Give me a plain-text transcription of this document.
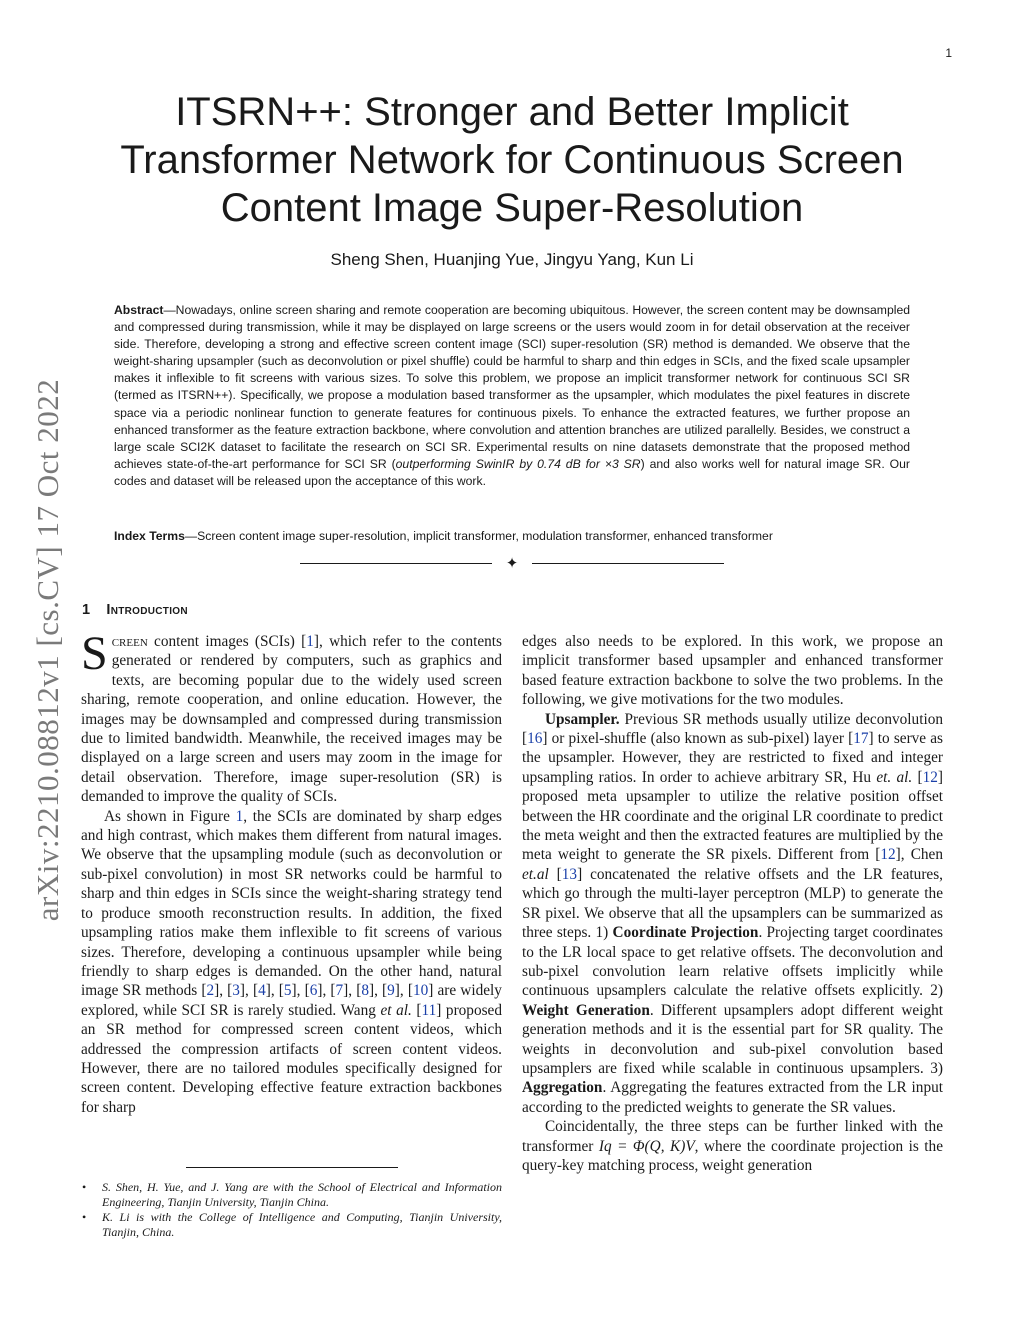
1
arXiv:2210.08812v1 [cs.CV] 17 Oct 2022
ITSRN++: Stronger and Better Implicit
Transformer Network for Continuous Screen
Content Image Super-Resolution
Sheng Shen, Huanjing Yue, Jingyu Yang, Kun Li
Abstract—Nowadays, online screen sharing and remote cooperation are becoming ubiquitous. However, the screen content may be downsampled and compressed during transmission, while it may be displayed on large screens or the users would zoom in for detail observation at the receiver side. Therefore, developing a strong and effective screen content image (SCI) super-resolution (SR) method is demanded. We observe that the weight-sharing upsampler (such as deconvolution or pixel shuffle) could be harmful to sharp and thin edges in SCIs, and the fixed scale upsampler makes it inflexible to fit screens with various sizes. To solve this problem, we propose an implicit transformer network for continuous SCI SR (termed as ITSRN++). Specifically, we propose a modulation based transformer as the upsampler, which modulates the pixel features in discrete space via a periodic nonlinear function to generate features for continuous pixels. To enhance the extracted features, we further propose an enhanced transformer as the feature extraction backbone, where convolution and attention branches are utilized parallelly. Besides, we construct a large scale SCI2K dataset to facilitate the research on SCI SR. Experimental results on nine datasets demonstrate that the proposed method achieves state-of-the-art performance for SCI SR (outperforming SwinIR by 0.74 dB for ×3 SR) and also works well for natural image SR. Our codes and dataset will be released upon the acceptance of this work.
Index Terms—Screen content image super-resolution, implicit transformer, modulation transformer, enhanced transformer
✦
1 Introduction

Screen content images (SCIs) [1], which refer to the contents generated or rendered by computers, such as graphics and texts, are becoming popular due to the widely used screen sharing, remote cooperation, and online education. However, the images may be downsampled and compressed during transmission due to limited bandwidth. Meanwhile, the received images may be displayed on a large screen and users may zoom in the image for detail observation. Therefore, image super-resolution (SR) is demanded to improve the quality of SCIs.

As shown in Figure 1, the SCIs are dominated by sharp edges and high contrast, which makes them different from natural images. We observe that the upsampling module (such as deconvolution or sub-pixel convolution) in most SR networks could be harmful to sharp and thin edges in SCIs since the weight-sharing strategy tend to produce smooth reconstruction results. In addition, the fixed upsampling ratios make them inflexible to fit screens of various sizes. Therefore, developing a continuous upsampler while being friendly to sharp edges is demanded. On the other hand, natural image SR methods [2], [3], [4], [5], [6], [7], [8], [9], [10] are widely explored, while SCI SR is rarely studied. Wang et al. [11] proposed an SR method for compressed screen content videos, which addressed the compression artifacts of screen content videos. However, there are no tailored modules specifically designed for screen content. Developing effective feature extraction backbones for sharp

edges also needs to be explored. In this work, we propose an implicit transformer based upsampler and enhanced transformer based feature extraction backbone to solve the two problems. In the following, we give motivations for the two modules.

Upsampler. Previous SR methods usually utilize deconvolution [16] or pixel-shuffle (also known as sub-pixel) layer [17] to serve as the upsampler. However, they are restricted to fixed and integer upsampling ratios. In order to achieve arbitrary SR, Hu et. al. [12] proposed meta upsampler to utilize the relative position offset between the HR coordinate and the original LR coordinate to predict the meta weight and then the extracted features are multiplied by the meta weight to generate the SR pixels. Different from [12], Chen et.al [13] concatenated the relative offsets and the LR features, which go through the multi-layer perceptron (MLP) to generate the SR pixel. We observe that all the upsamplers can be summarized as three steps. 1) Coordinate Projection. Projecting target coordinates to the LR local space to get relative offsets. The deconvolution and sub-pixel convolution learn relative offsets implicitly while continuous upsamplers calculate the relative offsets explicitly. 2) Weight Generation. Different upsamplers adopt different weight generation methods and it is the essential part for SR quality. The weights in deconvolution and sub-pixel convolution based upsamplers are fixed while scalable in continuous upsamplers. 3) Aggregation. Aggregating the features extracted from the LR input according to the predicted weights to generate the SR values.

Coincidentally, the three steps can be further linked with the transformer Iq = Φ(Q, K)V, where the coordinate projection is the query-key matching process, weight generation

• S. Shen, H. Yue, and J. Yang are with the School of Electrical and Information Engineering, Tianjin University, Tianjin China.
• K. Li is with the College of Intelligence and Computing, Tianjin University, Tianjin, China.
